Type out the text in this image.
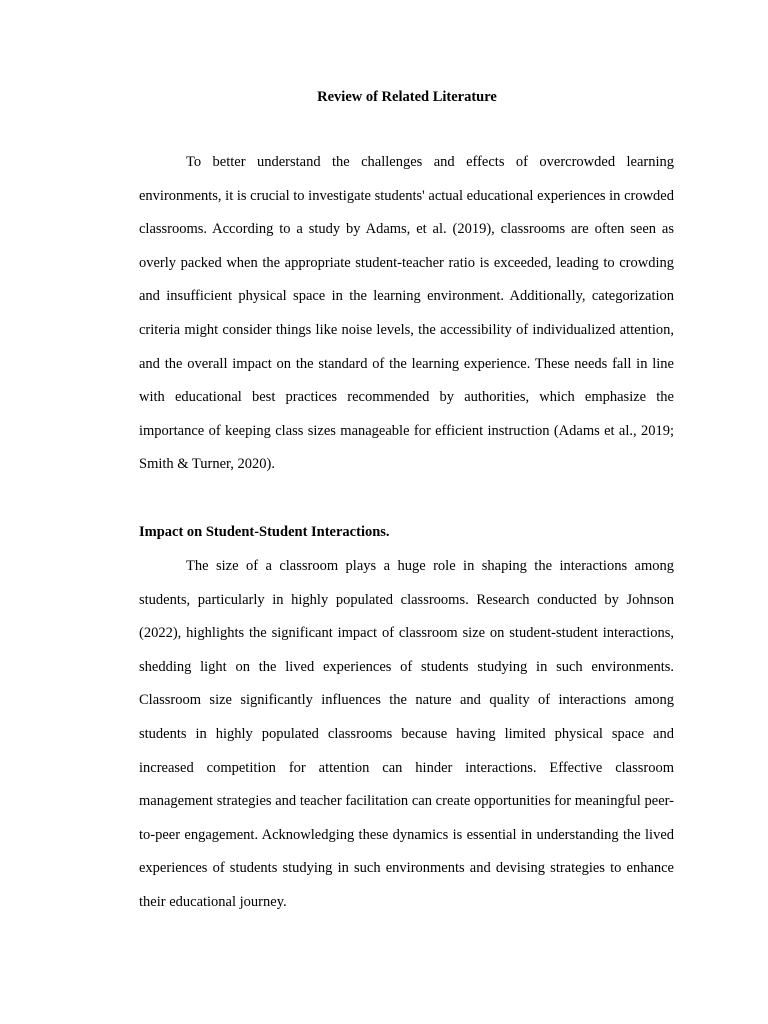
Review of Related Literature

To better understand the challenges and effects of overcrowded learning environments, it is crucial to investigate students' actual educational experiences in crowded classrooms. According to a study by Adams, et al. (2019), classrooms are often seen as overly packed when the appropriate student-teacher ratio is exceeded, leading to crowding and insufficient physical space in the learning environment. Additionally, categorization criteria might consider things like noise levels, the accessibility of individualized attention, and the overall impact on the standard of the learning experience. These needs fall in line with educational best practices recommended by authorities, which emphasize the importance of keeping class sizes manageable for efficient instruction (Adams et al., 2019; Smith & Turner, 2020).

Impact on Student-Student Interactions.

The size of a classroom plays a huge role in shaping the interactions among students, particularly in highly populated classrooms. Research conducted by Johnson (2022), highlights the significant impact of classroom size on student-student interactions, shedding light on the lived experiences of students studying in such environments. Classroom size significantly influences the nature and quality of interactions among students in highly populated classrooms because having limited physical space and increased competition for attention can hinder interactions. Effective classroom management strategies and teacher facilitation can create opportunities for meaningful peer-to-peer engagement. Acknowledging these dynamics is essential in understanding the lived experiences of students studying in such environments and devising strategies to enhance their educational journey.
